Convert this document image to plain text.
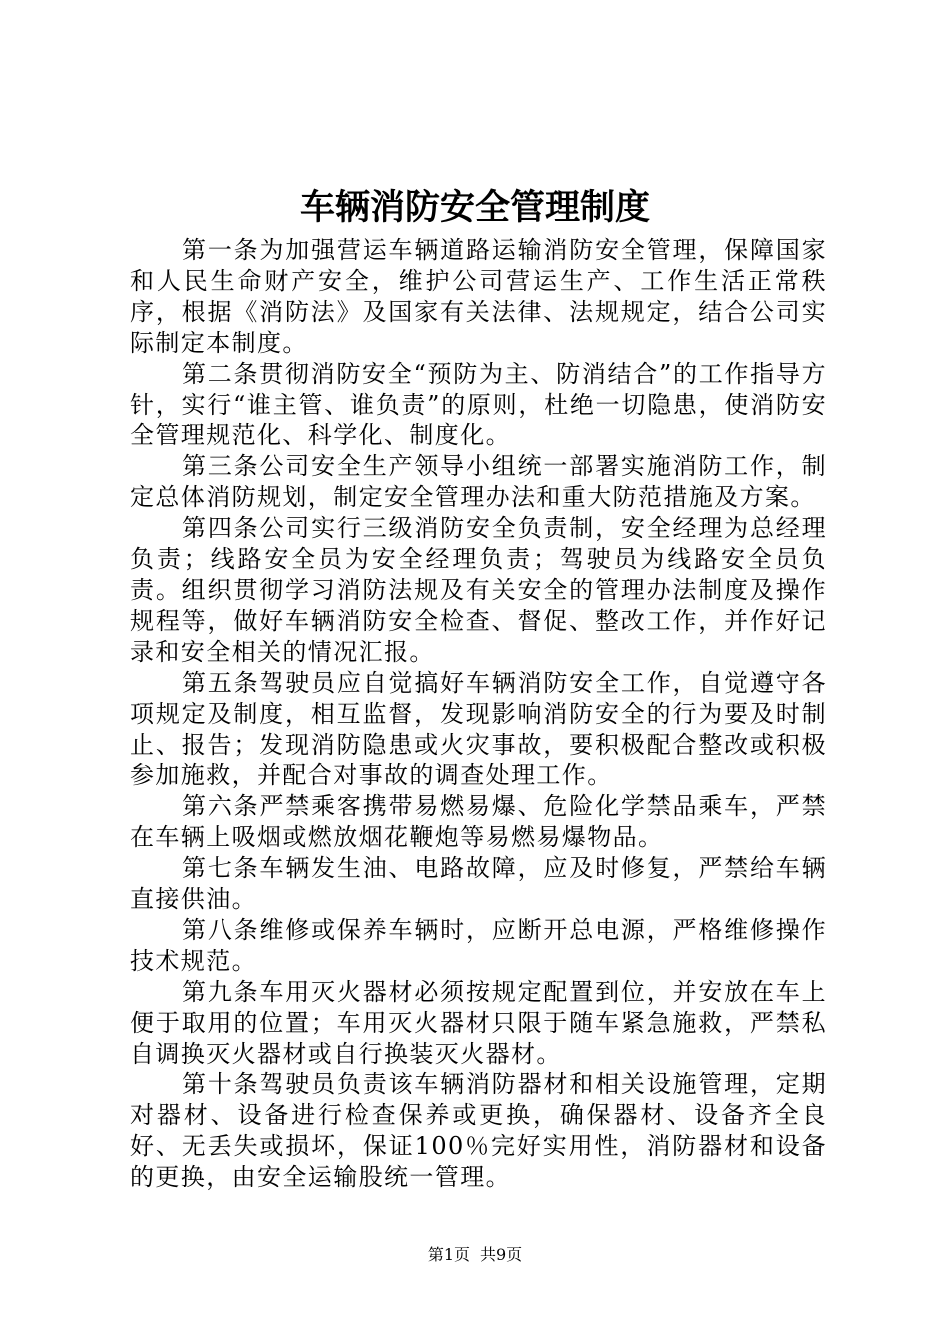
车辆消防安全管理制度

第一条为加强营运车辆道路运输消防安全管理，保障国家和人民生命财产安全，维护公司营运生产、工作生活正常秩序，根据《消防法》及国家有关法律、法规规定，结合公司实际制定本制度。

第二条贯彻消防安全“预防为主、防消结合”的工作指导方针，实行“谁主管、谁负责”的原则，杜绝一切隐患，使消防安全管理规范化、科学化、制度化。

第三条公司安全生产领导小组统一部署实施消防工作，制定总体消防规划，制定安全管理办法和重大防范措施及方案。

第四条公司实行三级消防安全负责制，安全经理为总经理负责；线路安全员为安全经理负责；驾驶员为线路安全员负责。组织贯彻学习消防法规及有关安全的管理办法制度及操作规程等，做好车辆消防安全检查、督促、整改工作，并作好记录和安全相关的情况汇报。

第五条驾驶员应自觉搞好车辆消防安全工作，自觉遵守各项规定及制度，相互监督，发现影响消防安全的行为要及时制止、报告；发现消防隐患或火灾事故，要积极配合整改或积极参加施救，并配合对事故的调查处理工作。

第六条严禁乘客携带易燃易爆、危险化学禁品乘车，严禁在车辆上吸烟或燃放烟花鞭炮等易燃易爆物品。

第七条车辆发生油、电路故障，应及时修复，严禁给车辆直接供油。

第八条维修或保养车辆时，应断开总电源，严格维修操作技术规范。

第九条车用灭火器材必须按规定配置到位，并安放在车上便于取用的位置；车用灭火器材只限于随车紧急施救，严禁私自调换灭火器材或自行换装灭火器材。

第十条驾驶员负责该车辆消防器材和相关设施管理，定期对器材、设备进行检查保养或更换，确保器材、设备齐全良好、无丢失或损坏，保证100％完好实用性，消防器材和设备的更换，由安全运输股统一管理。

第1页 共9页
